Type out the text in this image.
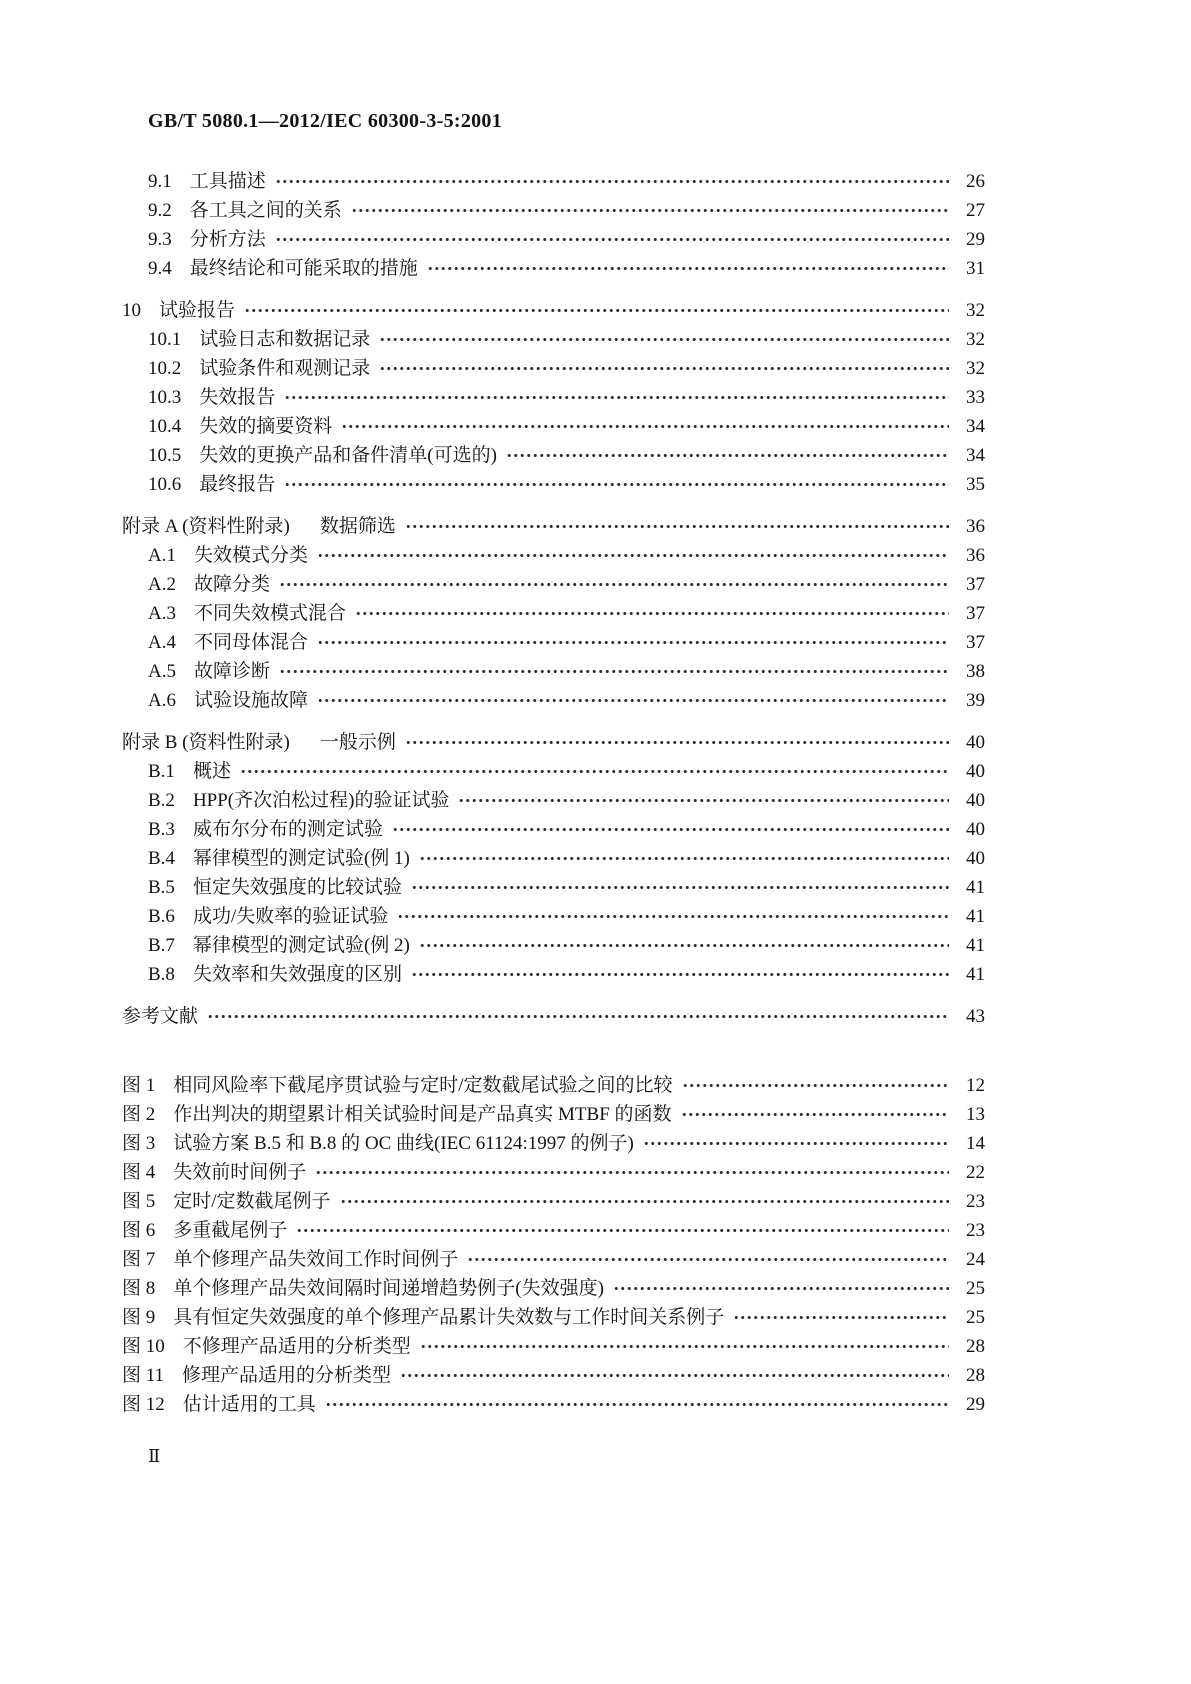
GB/T 5080.1—2012/IEC 60300-3-5:2001
9.1 工具描述	26
9.2 各工具之间的关系	27
9.3 分析方法	29
9.4 最终结论和可能采取的措施	31
10 试验报告	32
10.1 试验日志和数据记录	32
10.2 试验条件和观测记录	32
10.3 失效报告	33
10.4 失效的摘要资料	34
10.5 失效的更换产品和备件清单(可选的)	34
10.6 最终报告	35
附录 A (资料性附录) 数据筛选	36
A.1 失效模式分类	36
A.2 故障分类	37
A.3 不同失效模式混合	37
A.4 不同母体混合	37
A.5 故障诊断	38
A.6 试验设施故障	39
附录 B (资料性附录) 一般示例	40
B.1 概述	40
B.2 HPP(齐次泊松过程)的验证试验	40
B.3 威布尔分布的测定试验	40
B.4 幂律模型的测定试验(例 1)	40
B.5 恒定失效强度的比较试验	41
B.6 成功/失败率的验证试验	41
B.7 幂律模型的测定试验(例 2)	41
B.8 失效率和失效强度的区别	41
参考文献	43
图 1 相同风险率下截尾序贯试验与定时/定数截尾试验之间的比较	12
图 2 作出判决的期望累计相关试验时间是产品真实 MTBF 的函数	13
图 3 试验方案 B.5 和 B.8 的 OC 曲线(IEC 61124:1997 的例子)	14
图 4 失效前时间例子	22
图 5 定时/定数截尾例子	23
图 6 多重截尾例子	23
图 7 单个修理产品失效间工作时间例子	24
图 8 单个修理产品失效间隔时间递增趋势例子(失效强度)	25
图 9 具有恒定失效强度的单个修理产品累计失效数与工作时间关系例子	25
图 10 不修理产品适用的分析类型	28
图 11 修理产品适用的分析类型	28
图 12 估计适用的工具	29
Ⅱ
